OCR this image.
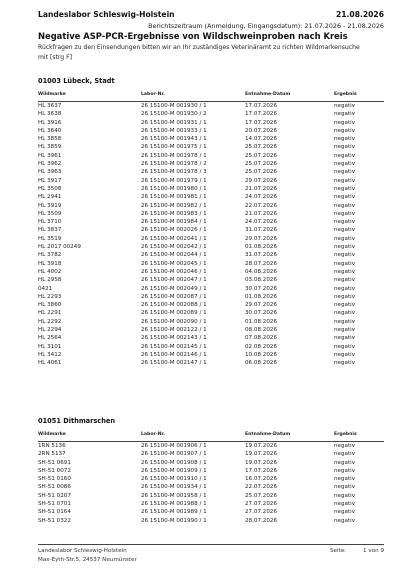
Landeslabor Schleswig-Holstein	21.08.2026
Berichtszeitraum (Anmeldung, Eingangsdatum): 21.07.2026 - 21.08.2026
Negative ASP-PCR-Ergebnisse von Wildschweinproben nach Kreis
Rückfragen zu den Einsendungen bitten wir an Ihr zuständiges Veterinäramt zu richten Wildmarkensuche mit [strg F]
01003 Lübeck, Stadt
Wildmarke	Labor-Nr.	Entnahme-Datum	Ergebnis
HL 3637	26 15100-M 001930 / 1	17.07.2026	negativ
HL 3638	26 15100-M 001930 / 2	17.07.2026	negativ
HL 3916	26 15100-M 001931 / 1	17.07.2026	negativ
HL 3640	26 15100-M 001933 / 1	20.07.2026	negativ
HL 3858	26 15100-M 001943 / 1	14.07.2026	negativ
HL 3859	26 15100-M 001975 / 1	25.07.2026	negativ
HL 3961	26 15100-M 001978 / 1	25.07.2026	negativ
HL 3962	26 15100-M 001978 / 2	25.07.2026	negativ
HL 3963	26 15100-M 001978 / 3	25.07.2026	negativ
HL 3917	26 15100-M 001979 / 1	29.07.2026	negativ
HL 3508	26 15100-M 001980 / 1	21.07.2026	negativ
HL 2941	26 15100-M 001981 / 1	24.07.2026	negativ
HL 3919	26 15100-M 001982 / 1	22.07.2026	negativ
HL 3509	26 15100-M 001983 / 1	21.07.2026	negativ
HL 3710	26 15100-M 001984 / 1	24.07.2026	negativ
HL 3837	26 15100-M 002026 / 1	31.07.2026	negativ
HL 3519	26 15100-M 002041 / 1	29.07.2026	negativ
HL 2017 00249	26 15100-M 002042 / 1	01.08.2026	negativ
HL 3782	26 15100-M 002044 / 1	31.07.2026	negativ
HL 3918	26 15100-M 002045 / 1	28.07.2026	negativ
HL 4002	26 15100-M 002046 / 1	04.08.2026	negativ
HL 2958	26 15100-M 002047 / 1	03.08.2026	negativ
0421	26 15100-M 002049 / 1	30.07.2026	negativ
HL 2293	26 15100-M 002087 / 1	01.08.2026	negativ
HL 3860	26 15100-M 002088 / 1	29.07.2026	negativ
HL 2291	26 15100-M 002089 / 1	30.07.2026	negativ
HL 2292	26 15100-M 002090 / 1	01.08.2026	negativ
HL 2294	26 15100-M 002122 / 1	08.08.2026	negativ
HL 2564	26 15100-M 002143 / 1	07.08.2026	negativ
HL 3101	26 15100-M 002145 / 1	02.08.2026	negativ
HL 3412	26 15100-M 002146 / 1	10.08.2026	negativ
HL 4061	26 15100-M 002147 / 1	06.08.2026	negativ
01051 Dithmarschen
Wildmarke	Labor-Nr.	Entnahme-Datum	Ergebnis
1RN 5136	26 15100-M 001906 / 1	19.07.2026	negativ
2RN 5137	26 15100-M 001907 / 1	19.07.2026	negativ
SH-51 0691	26 15100-M 001908 / 1	19.07.2026	negativ
SH-51 0072	26 15100-M 001909 / 1	17.07.2026	negativ
SH-51 0160	26 15100-M 001910 / 1	16.07.2026	negativ
SH-51 0086	26 15100-M 001934 / 1	22.07.2026	negativ
SH-51 0207	26 15100-M 001958 / 1	25.07.2026	negativ
SH-51 0701	26 15100-M 001988 / 1	27.07.2026	negativ
SH-51 0164	26 15100-M 001989 / 1	27.07.2026	negativ
SH-51 0322	26 15100-M 001990 / 1	28.07.2026	negativ
Landeslabor Schleswig-Holstein
Max-Eyth-Str.5, 24537 Neumünster
Seite:	1 von 9
